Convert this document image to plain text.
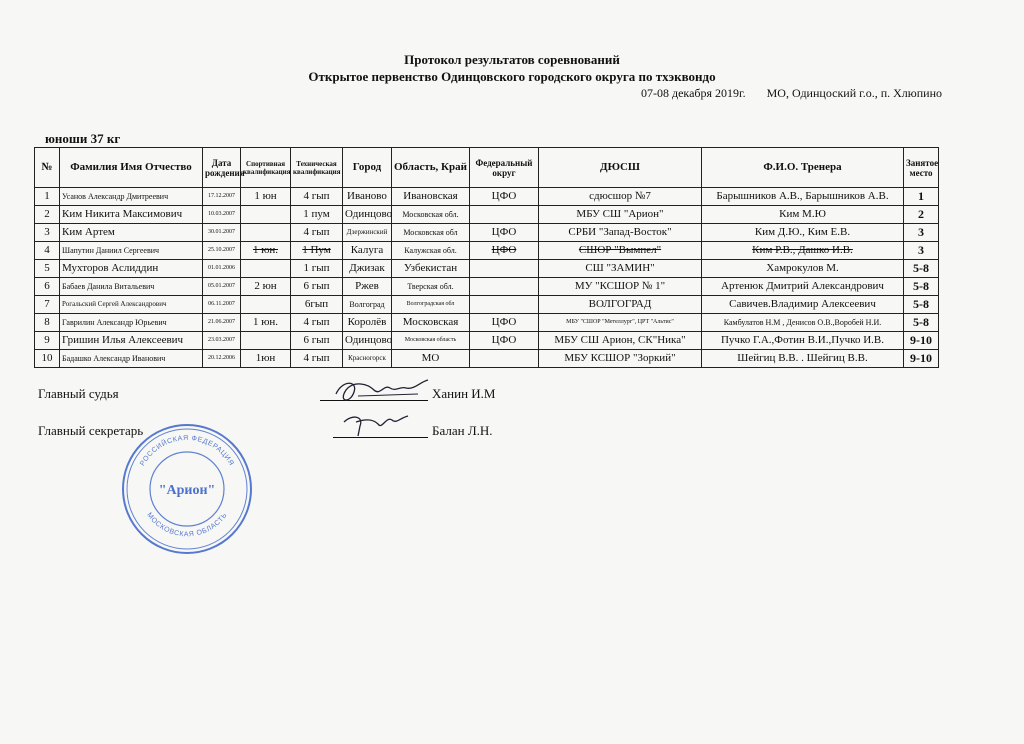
Протокол результатов соревнований
Открытое первенство Одинцовского городского округа по тхэквондо
07-08 декабря 2019г. МО, Одинцоский г.о., п. Хлюпино
юноши 37 кг
№	Фамилия Имя Отчество	Дата рождения	Спортивная квалификация	Техническая квалификация	Город	Область, Край	Федеральный округ	ДЮСШ	Ф.И.О. Тренера	Занятое место
1	Усанов Александр Дмитреевич	17.12.2007	1 юн	4 гып	Иваново	Ивановская	ЦФО	сдюсшор №7	Барышников А.В., Барышников А.В.	1
2	Ким Никита Максимович	10.03.2007		1 пум	Одинцово	Московская обл.		МБУ СШ "Арион"	Ким М.Ю	2
3	Ким Артем	30.01.2007		4 гып	Дзержинский	Московская обл	ЦФО	СРБИ "Запад-Восток"	Ким Д.Ю., Ким Е.В.	3
4	Шапутин Даниил Сергеевич	25.10.2007	1 юн.	1 Пум	Калуга	Калужская обл.	ЦФО	СШОР "Вымпел"	Ким Р.В., Дашко И.В.	3
5	Мухторов Аслиддин	01.01.2006		1 гып	Джизак	Узбекистан		СШ "ЗАМИН"	Хамрокулов М.	5-8
6	Бабаев Данила Витальевич	05.01.2007	2 юн	6 гып	Ржев	Тверская обл.		МУ "КСШОР № 1"	Артенюк Дмитрий Александрович	5-8
7	Рогальский Сергей Александрович	06.11.2007		6гып	Волгоград	Волгоградская обл		ВОЛГОГРАД	Савичев.Владимир Алексеевич	5-8
8	Гаврилин Александр Юрьевич	21.06.2007	1 юн.	4 гып	Королёв	Московская	ЦФО	МБУ "СШОР "Метеллург", ЦРТ "Альтис"	Камбулатов Н.М , Денисов О.В.,Воробей Н.И.	5-8
9	Гришин Илья Алексеевич	23.03.2007		6 гып	Одинцово	Московская область	ЦФО	МБУ СШ Арион, СК"Ника"	Пучко Г.А.,Фотин В.И.,Пучко И.В.	9-10
10	Бадашко Александр Иванович	20.12.2006	1юн	4 гып	Красногорск	МО		МБУ КСШОР "Зоркий"	Шейгиц В.В. . Шейгиц В.В.	9-10
Главный судья	Ханин И.М
Главный секретарь	Балан Л.Н.
РОССИЙСКАЯ ФЕДЕРАЦИЯ
МОСКОВСКАЯ ОБЛАСТЬ
"Арион"
